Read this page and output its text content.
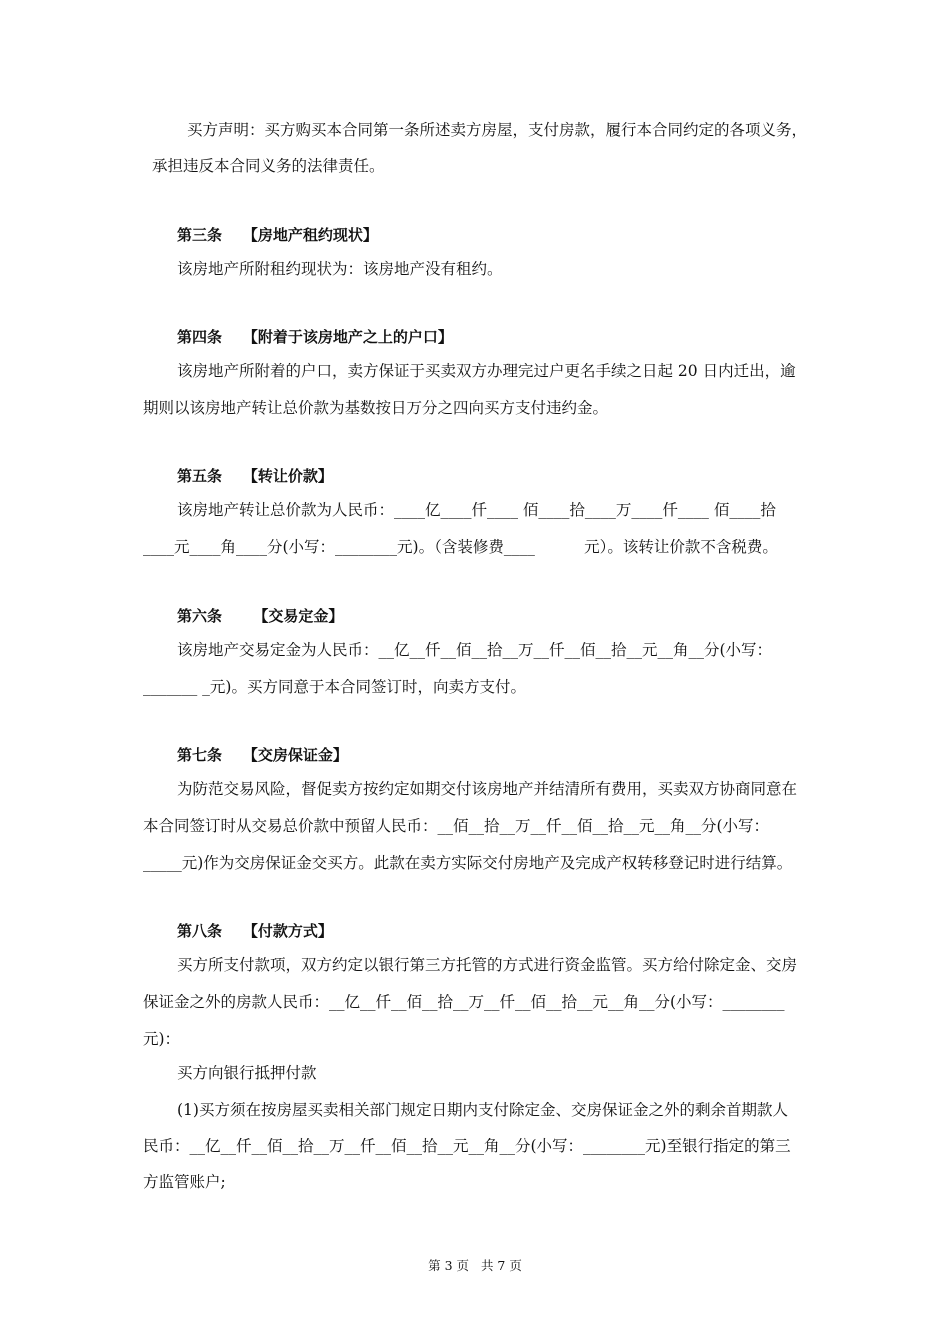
买方声明：买方购买本合同第一条所述卖方房屋，支付房款，履行本合同约定的各项义务，
承担违反本合同义务的法律责任。
第三条    【房地产租约现状】
该房地产所附租约现状为：该房地产没有租约。
第四条    【附着于该房地产之上的户口】
该房地产所附着的户口，卖方保证于买卖双方办理完过户更名手续之日起 20 日内迁出，逾
期则以该房地产转让总价款为基数按日万分之四向买方支付违约金。
第五条    【转让价款】
该房地产转让总价款为人民币：____亿____仟____ 佰____拾____万____仟____ 佰____拾
____元____角____分(小写：________元)。（含装修费____          元）。该转让价款不含税费。
第六条      【交易定金】
该房地产交易定金为人民币：__亿__仟__佰__拾__万__仟__佰__拾__元__角__分(小写：
_______ _元)。买方同意于本合同签订时，向卖方支付。
第七条    【交房保证金】
为防范交易风险，督促卖方按约定如期交付该房地产并结清所有费用，买卖双方协商同意在
本合同签订时从交易总价款中预留人民币：__佰__拾__万__仟__佰__拾__元__角__分(小写：
_____元)作为交房保证金交买方。此款在卖方实际交付房地产及完成产权转移登记时进行结算。
第八条    【付款方式】
买方所支付款项，双方约定以银行第三方托管的方式进行资金监管。买方给付除定金、交房
保证金之外的房款人民币：__亿__仟__佰__拾__万__仟__佰__拾__元__角__分(小写：________
元)：
买方向银行抵押付款
(1)买方须在按房屋买卖相关部门规定日期内支付除定金、交房保证金之外的剩余首期款人
民币：__亿__仟__佰__拾__万__仟__佰__拾__元__角__分(小写：________元)至银行指定的第三
方监管账户;
第 3 页   共 7 页
